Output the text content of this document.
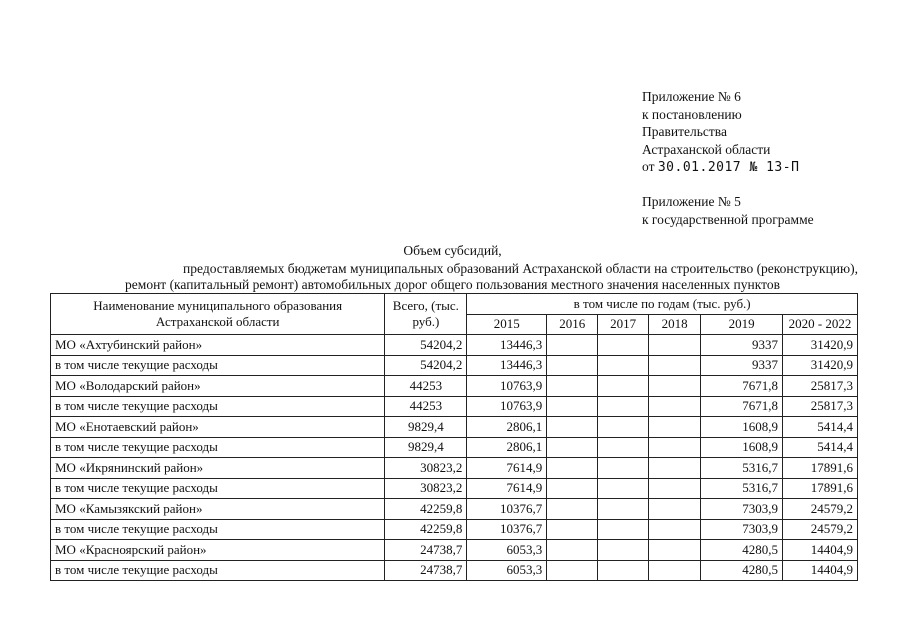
Приложение № 6
к постановлению
Правительства
Астраханской области
от 30.01.2017 № 13-П
Приложение № 5
к государственной программе
Объем субсидий,
предоставляемых бюджетам муниципальных образований Астраханской области на строительство (реконструкцию),
ремонт (капитальный ремонт) автомобильных дорог общего пользования местного значения населенных пунктов
Наименование муниципального образования Астраханской области	Всего, (тыс. руб.)	в том числе по годам (тыс. руб.)					
		2015	2016	2017	2018	2019	2020 - 2022
МО «Ахтубинский район»	54204,2	13446,3				9337	31420,9
в том числе текущие расходы	54204,2	13446,3				9337	31420,9
МО «Володарский район»	44253	10763,9				7671,8	25817,3
в том числе текущие расходы	44253	10763,9				7671,8	25817,3
МО «Енотаевский район»	9829,4	2806,1				1608,9	5414,4
в том числе текущие расходы	9829,4	2806,1				1608,9	5414,4
МО «Икрянинский район»	30823,2	7614,9				5316,7	17891,6
в том числе текущие расходы	30823,2	7614,9				5316,7	17891,6
МО «Камызякский район»	42259,8	10376,7				7303,9	24579,2
в том числе текущие расходы	42259,8	10376,7				7303,9	24579,2
МО «Красноярский район»	24738,7	6053,3				4280,5	14404,9
в том числе текущие расходы	24738,7	6053,3				4280,5	14404,9
